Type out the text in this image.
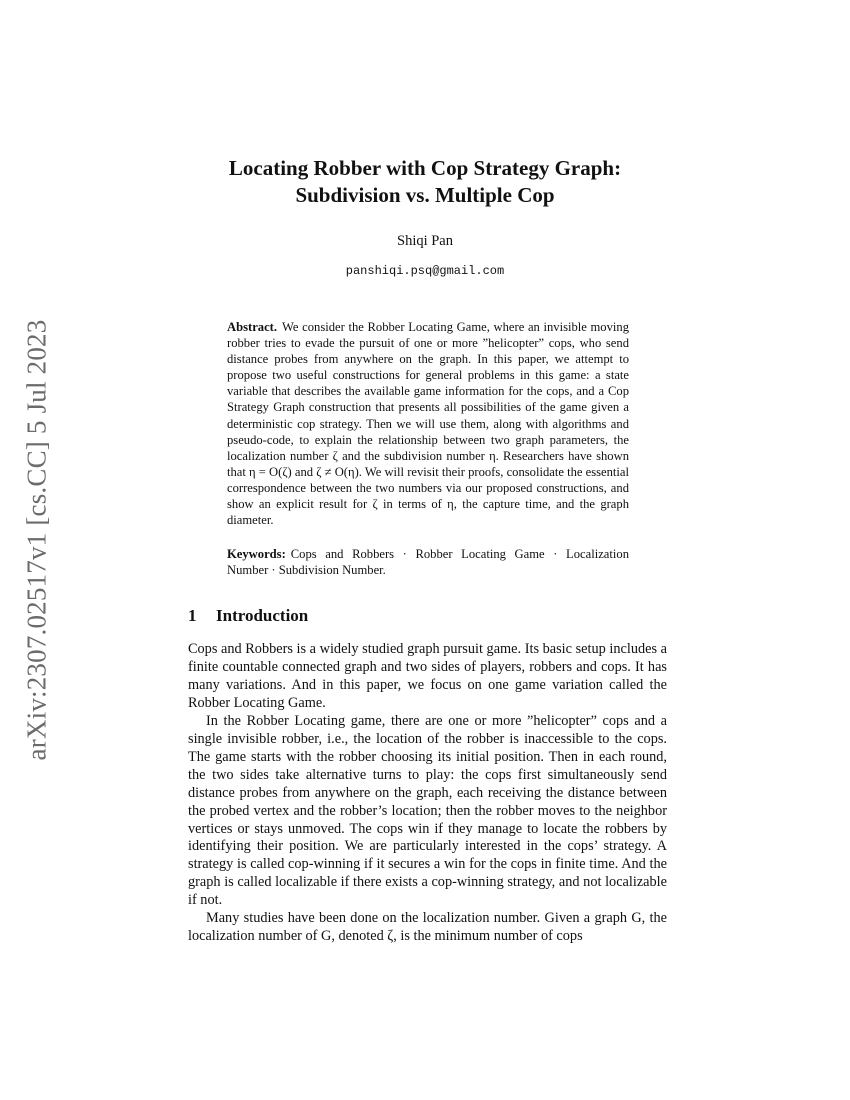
arXiv:2307.02517v1 [cs.CC] 5 Jul 2023
Locating Robber with Cop Strategy Graph:
Subdivision vs. Multiple Cop
Shiqi Pan
panshiqi.psq@gmail.com
Abstract. We consider the Robber Locating Game, where an invisible moving robber tries to evade the pursuit of one or more ”helicopter” cops, who send distance probes from anywhere on the graph. In this paper, we attempt to propose two useful constructions for general problems in this game: a state variable that describes the available game information for the cops, and a Cop Strategy Graph construction that presents all possibilities of the game given a deterministic cop strategy. Then we will use them, along with algorithms and pseudo-code, to explain the relationship between two graph parameters, the localization number ζ and the subdivision number η. Researchers have shown that η = O(ζ) and ζ ≠ O(η). We will revisit their proofs, consolidate the essential correspondence between the two numbers via our proposed constructions, and show an explicit result for ζ in terms of η, the capture time, and the graph diameter.
Keywords: Cops and Robbers · Robber Locating Game · Localization Number · Subdivision Number.
1 Introduction

Cops and Robbers is a widely studied graph pursuit game. Its basic setup includes a finite countable connected graph and two sides of players, robbers and cops. It has many variations. And in this paper, we focus on one game variation called the Robber Locating Game.

In the Robber Locating game, there are one or more ”helicopter” cops and a single invisible robber, i.e., the location of the robber is inaccessible to the cops. The game starts with the robber choosing its initial position. Then in each round, the two sides take alternative turns to play: the cops first simultaneously send distance probes from anywhere on the graph, each receiving the distance between the probed vertex and the robber’s location; then the robber moves to the neighbor vertices or stays unmoved. The cops win if they manage to locate the robbers by identifying their position. We are particularly interested in the cops’ strategy. A strategy is called cop-winning if it secures a win for the cops in finite time. And the graph is called localizable if there exists a cop-winning strategy, and not localizable if not.

Many studies have been done on the localization number. Given a graph G, the localization number of G, denoted ζ, is the minimum number of cops
